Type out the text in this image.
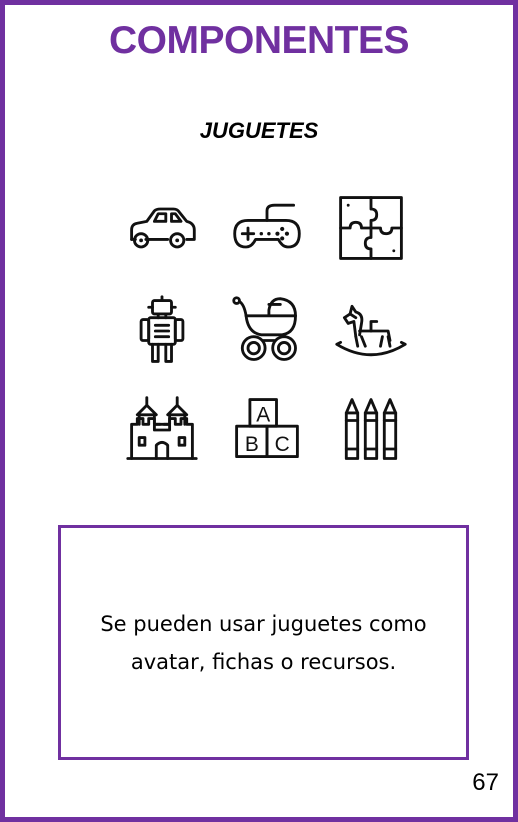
COMPONENTES
JUGUETES
A
B C

Se pueden usar juguetes como avatar, fichas o recursos.

67
